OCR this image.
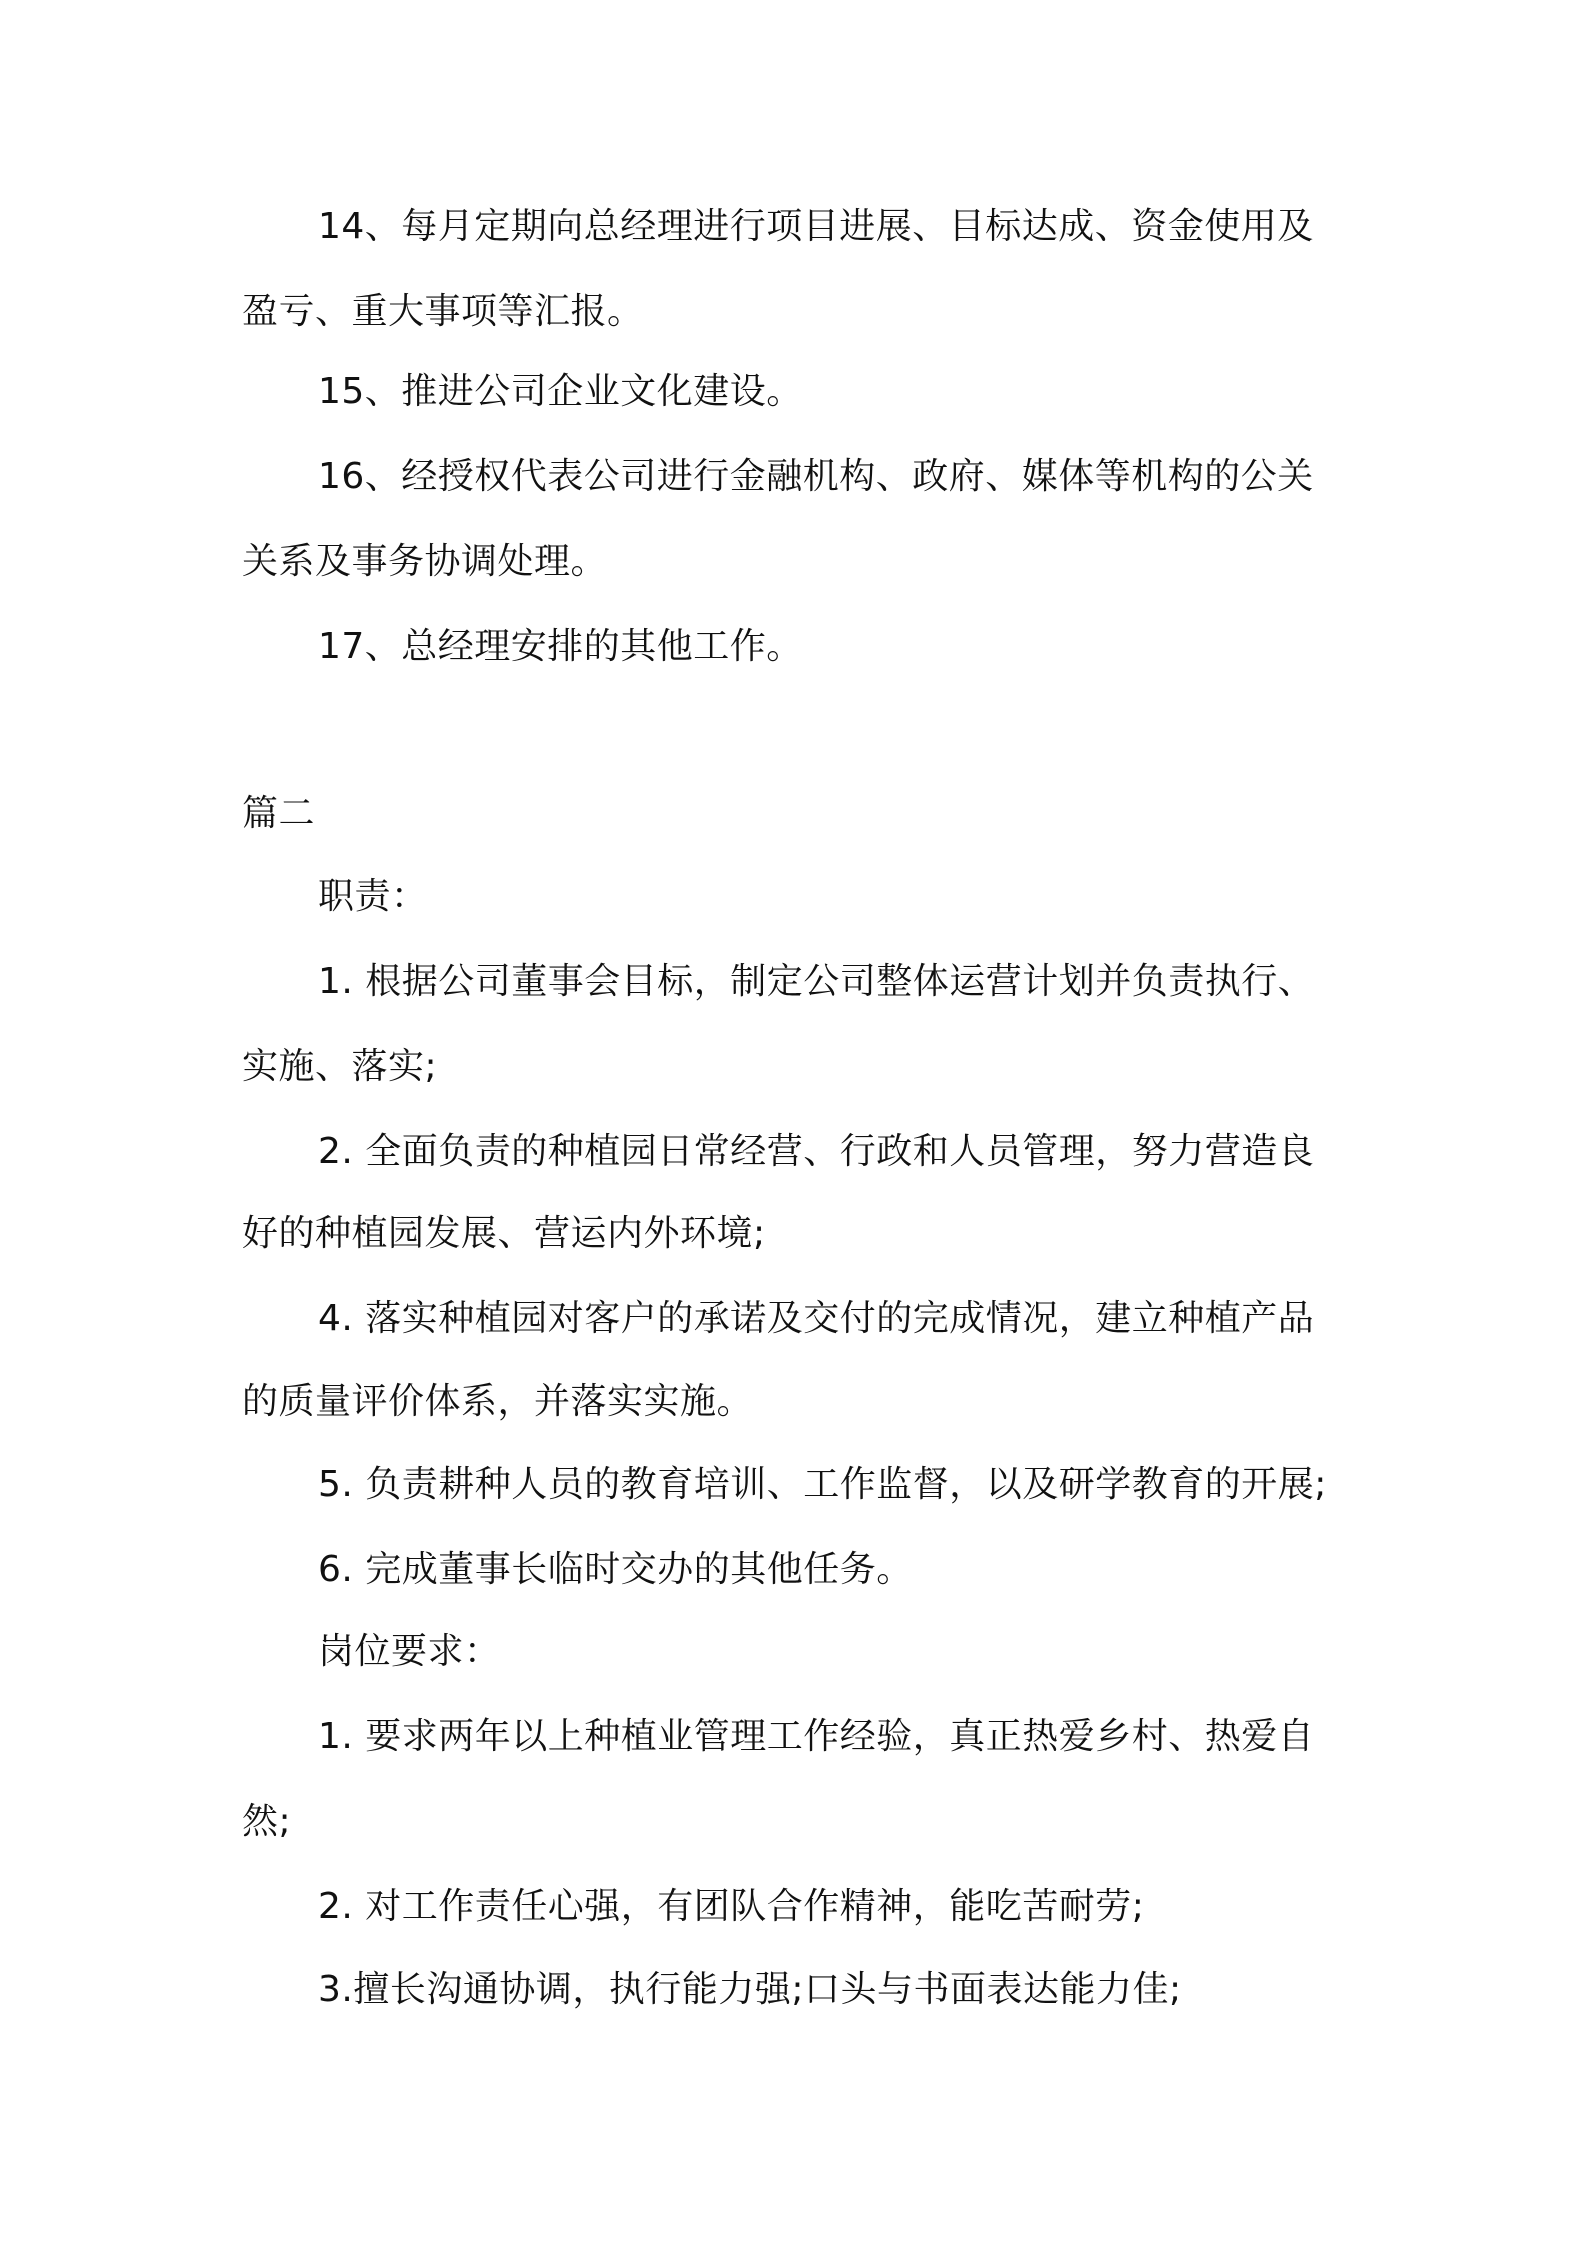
14、每月定期向总经理进行项目进展、目标达成、资金使用及
盈亏、重大事项等汇报。
15、推进公司企业文化建设。
16、经授权代表公司进行金融机构、政府、媒体等机构的公关
关系及事务协调处理。
17、总经理安排的其他工作。
篇二
职责：
1. 根据公司董事会目标，制定公司整体运营计划并负责执行、
实施、落实;
2. 全面负责的种植园日常经营、行政和人员管理，努力营造良
好的种植园发展、营运内外环境;
4. 落实种植园对客户的承诺及交付的完成情况，建立种植产品
的质量评价体系，并落实实施。
5. 负责耕种人员的教育培训、工作监督，以及研学教育的开展;
6. 完成董事长临时交办的其他任务。
岗位要求：
1. 要求两年以上种植业管理工作经验，真正热爱乡村、热爱自
然;
2. 对工作责任心强，有团队合作精神，能吃苦耐劳;
3.擅长沟通协调，执行能力强;口头与书面表达能力佳;
